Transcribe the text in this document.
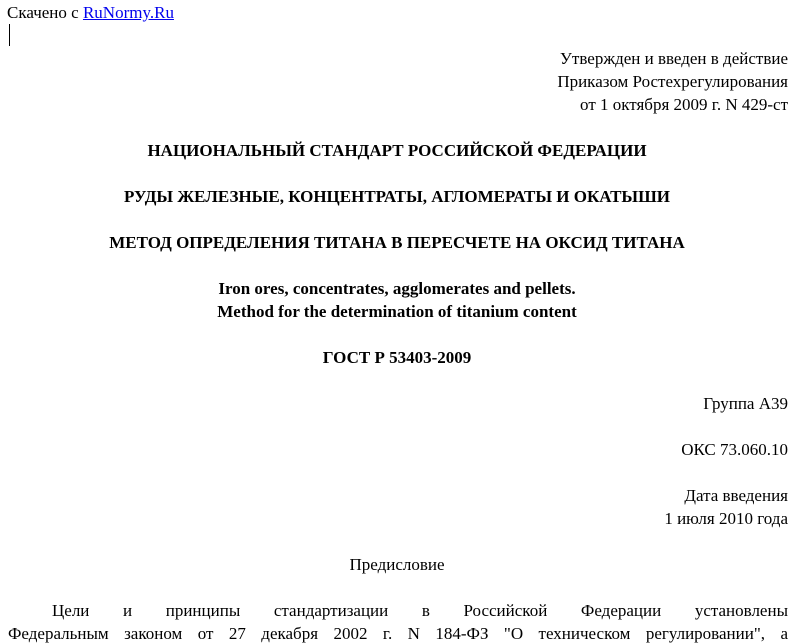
Скачено с RuNormy.Ru
Утвержден и введен в действие
Приказом Ростехрегулирования
от 1 октября 2009 г. N 429-ст
НАЦИОНАЛЬНЫЙ СТАНДАРТ РОССИЙСКОЙ ФЕДЕРАЦИИ
РУДЫ ЖЕЛЕЗНЫЕ, КОНЦЕНТРАТЫ, АГЛОМЕРАТЫ И ОКАТЫШИ
МЕТОД ОПРЕДЕЛЕНИЯ ТИТАНА В ПЕРЕСЧЕТЕ НА ОКСИД ТИТАНА
Iron ores, concentrates, agglomerates and pellets.
Method for the determination of titanium content
ГОСТ Р 53403-2009
Группа А39
ОКС 73.060.10
Дата введения
1 июля 2010 года
Предисловие
Цели и принципы стандартизации в Российской Федерации установлены
Федеральным законом от 27 декабря 2002 г. N 184-ФЗ "О техническом регулировании", а
